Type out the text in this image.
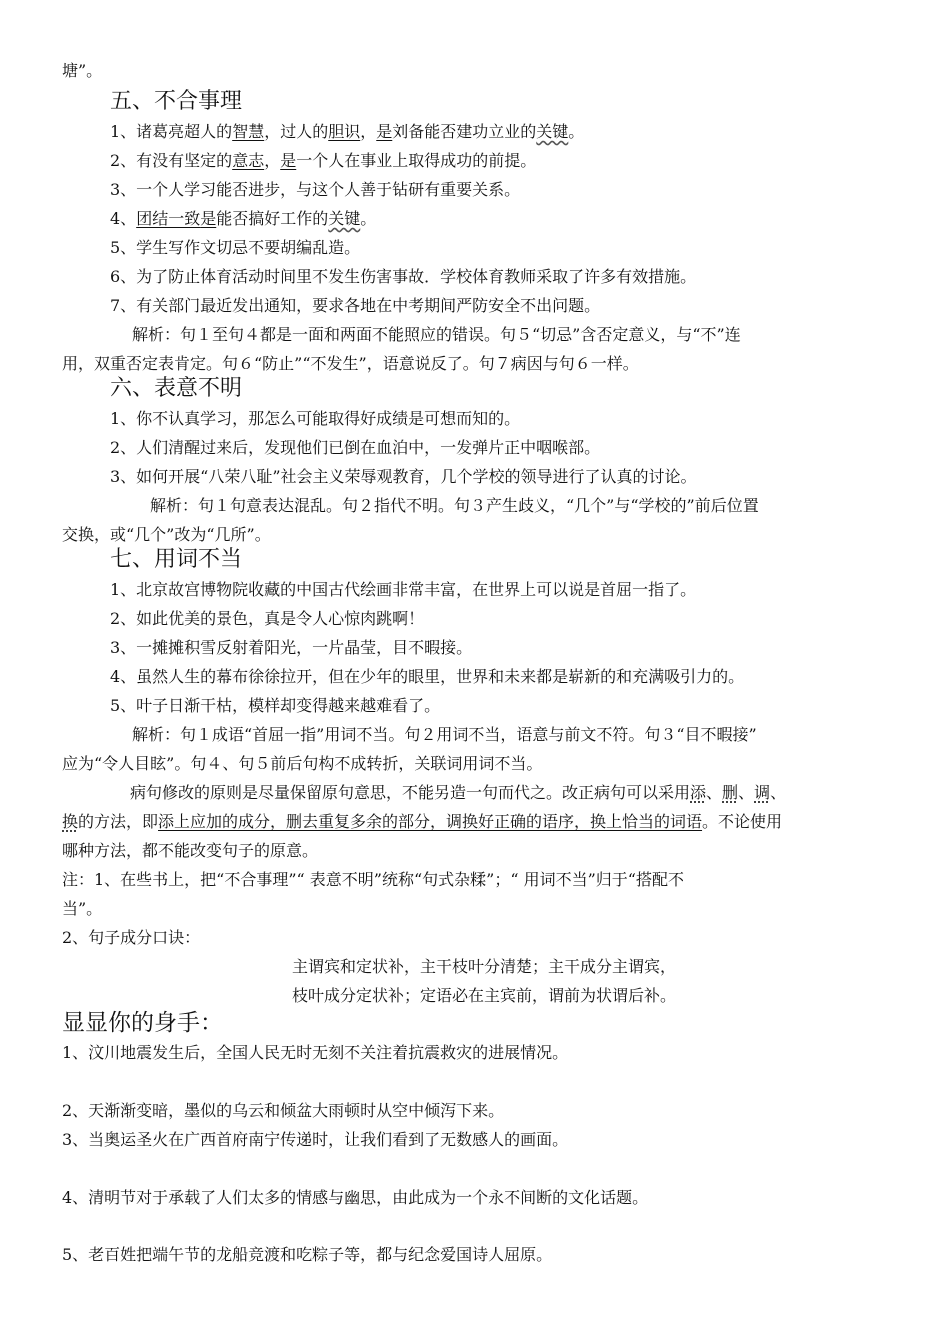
塘”。
五、不合事理
1、诸葛亮超人的智慧，过人的胆识，是刘备能否建功立业的关键。
2、有没有坚定的意志，是一个人在事业上取得成功的前提。
3、一个人学习能否进步，与这个人善于钻研有重要关系。
4、团结一致是能否搞好工作的关键。
5、学生写作文切忌不要胡编乱造。
6、为了防止体育活动时间里不发生伤害事故．学校体育教师采取了许多有效措施。
7、有关部门最近发出通知，要求各地在中考期间严防安全不出问题。
解析：句１至句４都是一面和两面不能照应的错误。句５“切忌”含否定意义，与“不”连
用，双重否定表肯定。句６“防止”“不发生”，语意说反了。句７病因与句６一样。
六、表意不明
1、你不认真学习，那怎么可能取得好成绩是可想而知的。
2、人们清醒过来后，发现他们已倒在血泊中，一发弹片正中咽喉部。
3、如何开展“八荣八耻”社会主义荣辱观教育，几个学校的领导进行了认真的讨论。
解析：句１句意表达混乱。句２指代不明。句３产生歧义，“几个”与“学校的”前后位置
交换，或“几个”改为“几所”。
七、用词不当
1、北京故宫博物院收藏的中国古代绘画非常丰富，在世界上可以说是首屈一指了。
2、如此优美的景色，真是令人心惊肉跳啊！
3、一摊摊积雪反射着阳光，一片晶莹，目不暇接。
4、虽然人生的幕布徐徐拉开，但在少年的眼里，世界和未来都是崭新的和充满吸引力的。
5、叶子日渐干枯，模样却变得越来越难看了。
解析：句１成语“首屈一指”用词不当。句２用词不当，语意与前文不符。句３“目不暇接”
应为“令人目眩”。句４、句５前后句构不成转折，关联词用词不当。
病句修改的原则是尽量保留原句意思，不能另造一句而代之。改正病句可以采用添、删、调、
换的方法，即添上应加的成分，删去重复多余的部分，调换好正确的语序，换上恰当的词语。不论使用
哪种方法，都不能改变句子的原意。
注：1、在些书上，把“不合事理”“ 表意不明”统称“句式杂糅”；“ 用词不当”归于“搭配不
当”。
2、句子成分口诀：
主谓宾和定状补，主干枝叶分清楚；主干成分主谓宾，
枝叶成分定状补；定语必在主宾前，谓前为状谓后补。
显显你的身手：
1、汶川地震发生后，全国人民无时无刻不关注着抗震救灾的进展情况。
2、天渐渐变暗，墨似的乌云和倾盆大雨顿时从空中倾泻下来。
3、当奥运圣火在广西首府南宁传递时，让我们看到了无数感人的画面。
4、清明节对于承载了人们太多的情感与幽思，由此成为一个永不间断的文化话题。
5、老百姓把端午节的龙船竞渡和吃粽子等，都与纪念爱国诗人屈原。
